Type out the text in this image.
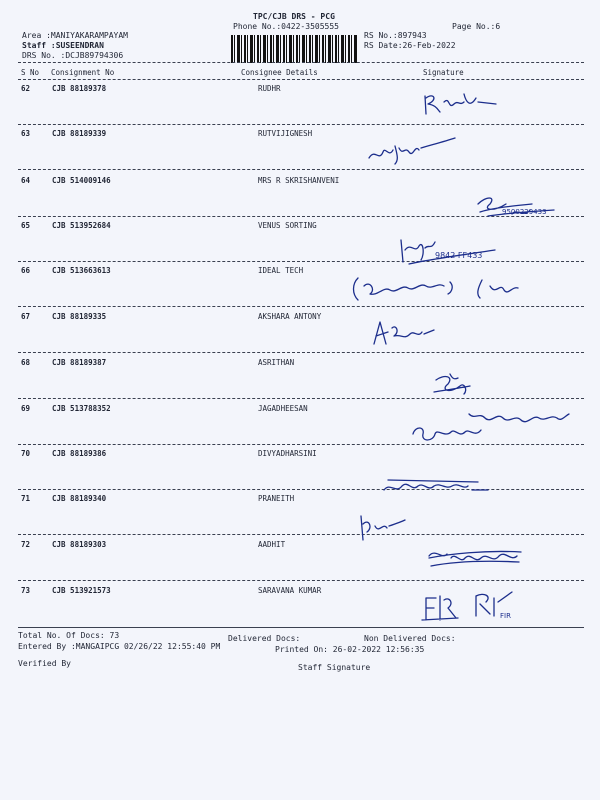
TPC/CJB DRS - PCG
Phone No.:0422-3505555	Page No.:6
Area :MANIYAKARAMPAYAM
Staff :SUSEENDRAN
DRS No. :DCJB89794306
RS No.:897943
RS Date:26-Feb-2022
S No Consignment No	Consignee Details	Signature
62	CJB 88189378	RUDHR
63	CJB 88189339	RUTVIJIGNESH
64	CJB 514009146	MRS R SKRISHANVENI
65	CJB 513952684	VENUS SORTING
66	CJB 513663613	IDEAL TECH
67	CJB 88189335	AKSHARA ANTONY
68	CJB 88189387	ASRITHAN
69	CJB 513788352	JAGADHEESAN
70	CJB 88189386	DIVYADHARSINI
71	CJB 88189340	PRANEITH
72	CJB 88189303	AADHIT
73	CJB 513921573	SARAVANA KUMAR
9500229433
9842 FF433
FIR
Total No. Of Docs: 73	Delivered Docs:	Non Delivered Docs:
Entered By :MANGAIPCG 02/26/22 12:55:40 PM	Printed On: 26-02-2022 12:56:35
Verified By	Staff Signature
